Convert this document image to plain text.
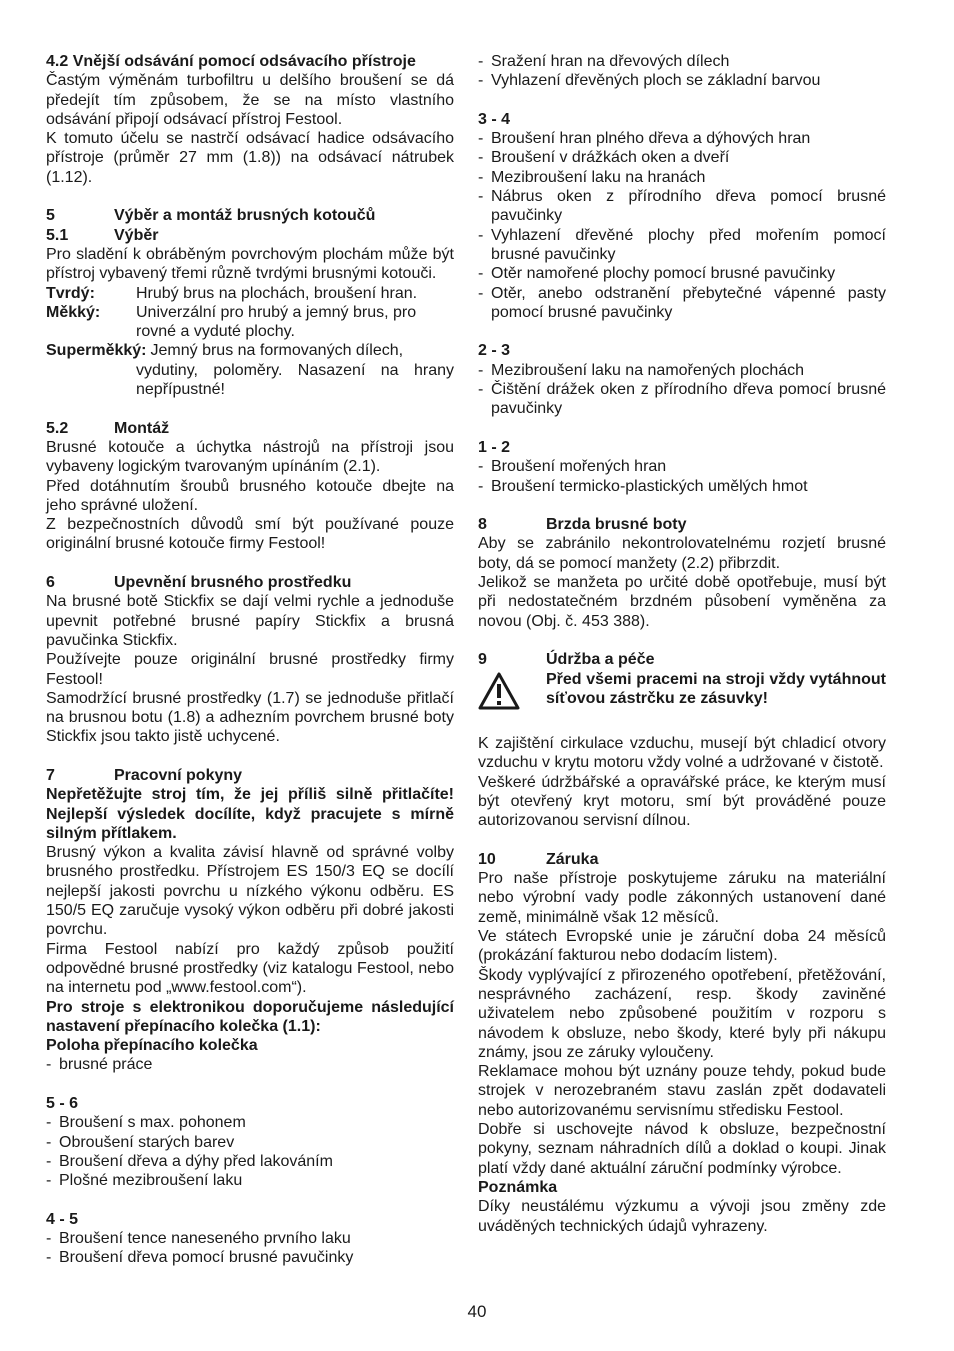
4.2 Vnější odsávání pomocí odsávacího přístroje

Častým výměnám turbofiltru u delšího broušení se dá předejít tím způsobem, že se na místo vlastního odsávání připojí odsávací přístroj Festool.

K tomuto účelu se nastrčí odsávací hadice odsávacího přístroje (průměr 27 mm (1.8)) na odsávací nátrubek (1.12).

5	Výběr a montáž brusných kotoučů

5.1	Výběr

Pro sladění k obráběným povrchovým plochám může být přístroj vybavený třemi různě tvrdými brusnými kotouči.

Tvrdý:	Hrubý brus na plochách, broušení hran.

Měkký:	Univerzální pro hrubý a jemný brus, pro

rovné a vyduté plochy.

Superměkký: Jemný brus na formovaných dílech,

vydutiny, poloměry. Nasazení na hrany nepřípustné!

5.2	Montáž

Brusné kotouče a úchytka nástrojů na přístroji jsou vybaveny logickým tvarovaným upínáním (2.1).

Před dotáhnutím šroubů brusného kotouče dbejte na jeho správné uložení.

Z bezpečnostních důvodů smí být používané pouze originální brusné kotouče firmy Festool!

6	Upevnění brusného prostředku

Na brusné botě Stickfix se dají velmi rychle a jednoduše upevnit potřebné brusné papíry Stickfix a brusná pavučinka Stickfix.

Používejte pouze originální brusné prostředky firmy Festool!

Samodržící brusné prostředky (1.7) se jednoduše přitlačí na brusnou botu (1.8) a adhezním povrchem brusné boty Stickfix jsou takto jistě uchycené.

7	Pracovní pokyny

Nepřetěžujte stroj tím, že jej příliš silně přitlačíte! Nejlepší výsledek docílíte, když pracujete s mírně silným přítlakem.

Brusný výkon a kvalita závisí hlavně od správné volby brusného prostředku. Přístrojem ES 150/3 EQ se docílí nejlepší jakosti povrchu u nízkého výkonu odběru. ES 150/5 EQ zaručuje vysoký výkon odběru při dobré jakosti povrchu.

Firma Festool nabízí pro každý způsob použití odpovědné brusné prostředky (viz katalogu Festool, nebo na internetu pod „www.festool.com“).

Pro stroje s elektronikou doporučujeme následující nastavení přepínacího kolečka (1.1):

Poloha přepínacího kolečka

- brusné práce

5 - 6

- Broušení s max. pohonem

- Obroušení starých barev

- Broušení dřeva a dýhy před lakováním

- Plošné mezibroušení laku

4 - 5

- Broušení tence naneseného prvního laku

- Broušení dřeva pomocí brusné pavučinky

- Sražení hran na dřevových dílech

- Vyhlazení dřevěných ploch se základní barvou

3 - 4

- Broušení hran plného dřeva a dýhových hran

- Broušení v drážkách oken a dveří

- Mezibroušení laku na hranách

- Nábrus oken z přírodního dřeva pomocí brusné pavučinky

- Vyhlazení dřevěné plochy před mořením pomocí brusné pavučinky

- Otěr namořené plochy pomocí brusné pavučinky

- Otěr, anebo odstranění přebytečné vápenné pasty pomocí brusné pavučinky

2 - 3

- Mezibroušení laku na namořených plochách

- Čištění drážek oken z přírodního dřeva pomocí brusné pavučinky

1 - 2

- Broušení mořených hran

- Broušení termicko-plastických umělých hmot

8	Brzda brusné boty

Aby se zabránilo nekontrolovatelnému rozjetí brusné boty, dá se pomocí manžety (2.2) přibrzdit.

Jelikož se manžeta po určité době opotřebuje, musí být při nedostatečném brzdném působení vyměněna za novou (Obj. č. 453 388).

9	Údržba a péče

Před všemi pracemi na stroji vždy vytáhnout síťovou zástrčku ze zásuvky!

K zajištění cirkulace vzduchu, musejí být chladicí otvory vzduchu v krytu motoru vždy volné a udržované v čistotě.

Veškeré údržbářské a opravářské práce, ke kterým musí být otevřený kryt motoru, smí být prováděné pouze autorizovanou servisní dílnou.

10	Záruka

Pro naše přístroje poskytujeme záruku na materiální nebo výrobní vady podle zákonných ustanovení dané země, minimálně však 12 měsíců.

Ve státech Evropské unie je záruční doba 24 měsíců (prokázání fakturou nebo dodacím listem).

Škody vyplývající z přirozeného opotřebení, přetěžování, nesprávného zacházení, resp. škody zaviněné uživatelem nebo způsobené použitím v rozporu s návodem k obsluze, nebo škody, které byly při nákupu známy, jsou ze záruky vyloučeny.

Reklamace mohou být uznány pouze tehdy, pokud bude strojek v nerozebraném stavu zaslán zpět dodavateli nebo autorizovanému servisnímu středisku Festool.

Dobře si uschovejte návod k obsluze, bezpečnostní pokyny, seznam náhradních dílů a doklad o koupi. Jinak platí vždy dané aktuální záruční podmínky výrobce.

Poznámka

Díky neustálému výzkumu a vývoji jsou změny zde uváděných technických údajů vyhrazeny.

40
